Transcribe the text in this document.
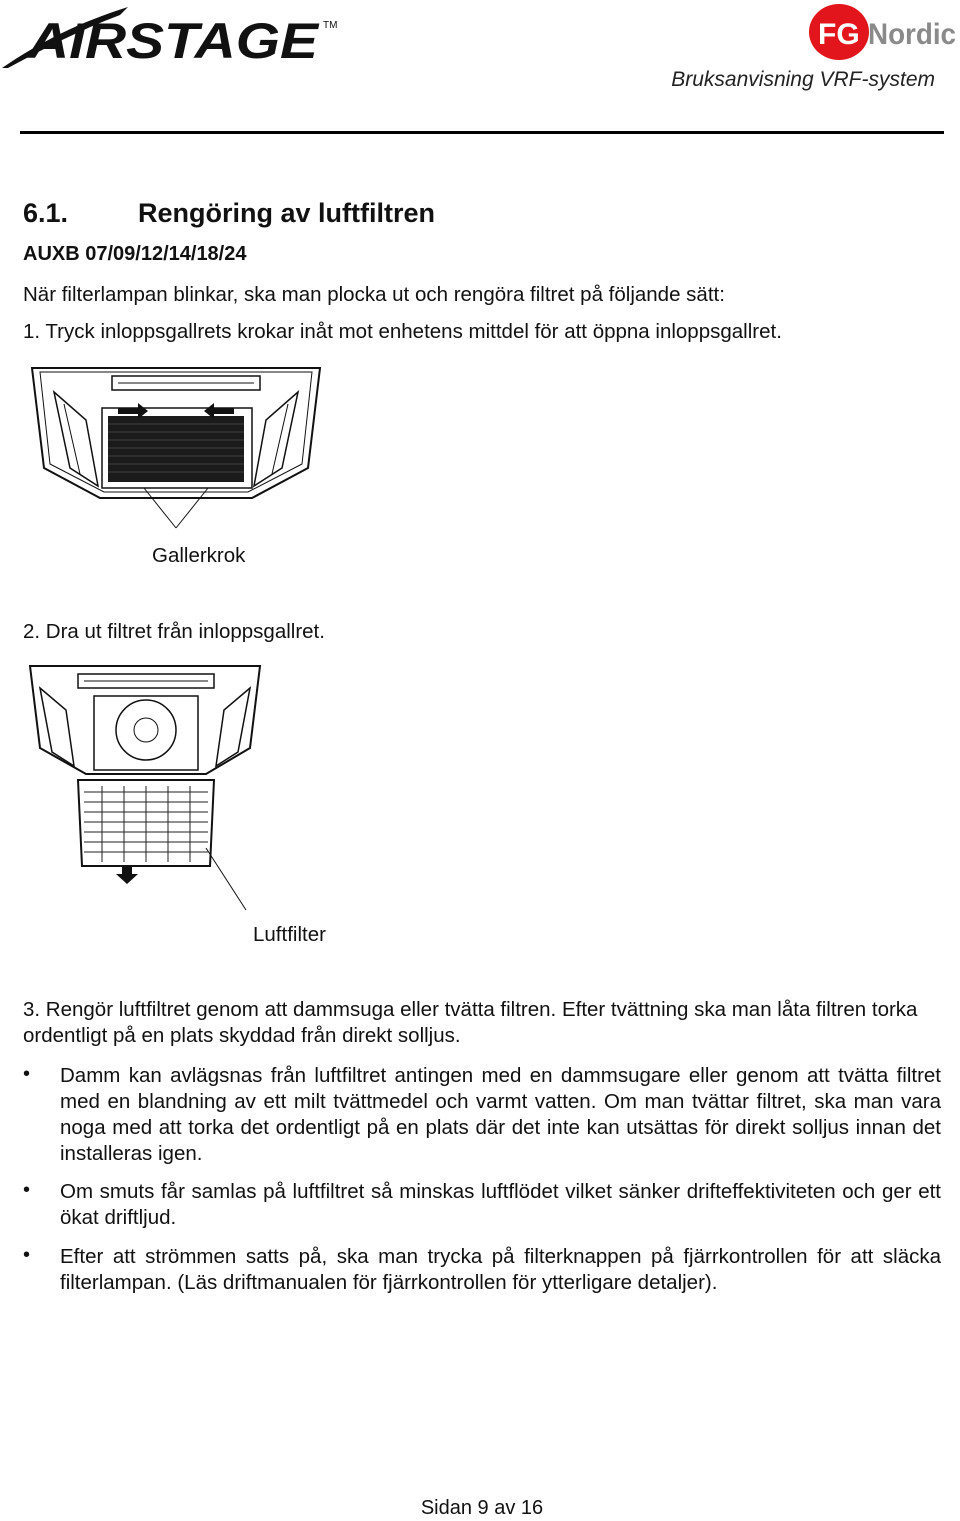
AIRSTAGE TM	FG Nordic
Bruksanvisning VRF-system
6.1.	Rengöring av luftfiltren
AUXB 07/09/12/14/18/24
När filterlampan blinkar, ska man plocka ut och rengöra filtret på följande sätt:
1. Tryck inloppsgallrets krokar inåt mot enhetens mittdel för att öppna inloppsgallret.
Gallerkrok
2. Dra ut filtret från inloppsgallret.
Luftfilter
3. Rengör luftfiltret genom att dammsuga eller tvätta filtren. Efter tvättning ska man låta filtren torka ordentligt på en plats skyddad från direkt solljus.
• Damm kan avlägsnas från luftfiltret antingen med en dammsugare eller genom att tvätta filtret med en blandning av ett milt tvättmedel och varmt vatten. Om man tvättar filtret, ska man vara noga med att torka det ordentligt på en plats där det inte kan utsättas för direkt solljus innan det installeras igen.
• Om smuts får samlas på luftfiltret så minskas luftflödet vilket sänker drifteffektiviteten och ger ett ökat driftljud.
• Efter att strömmen satts på, ska man trycka på filterknappen på fjärrkontrollen för att släcka filterlampan. (Läs driftmanualen för fjärrkontrollen för ytterligare detaljer).
Sidan 9 av 16
